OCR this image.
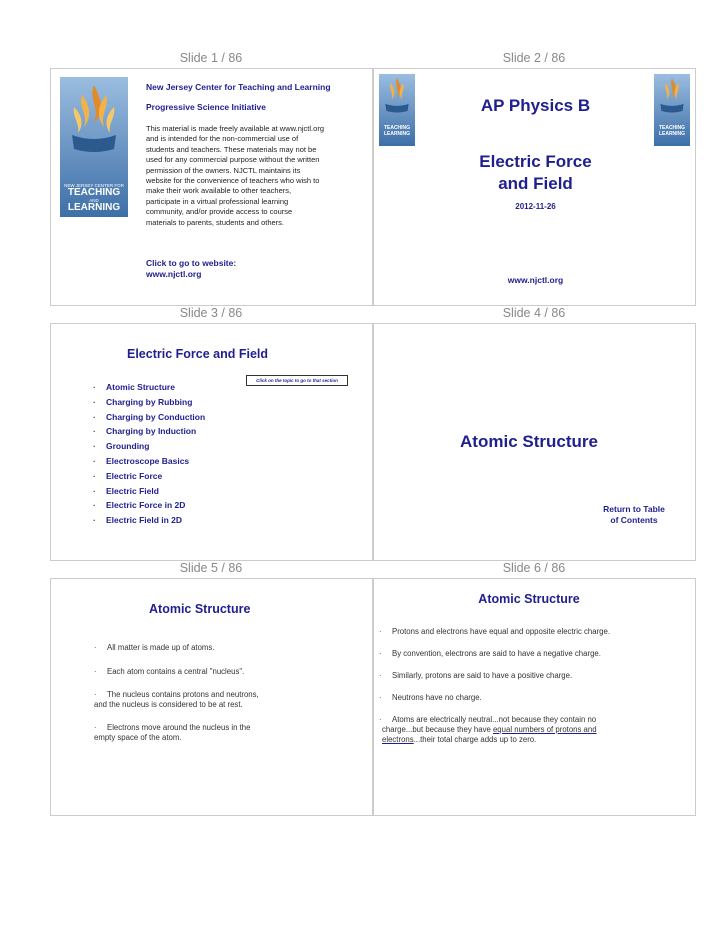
Slide 1 / 86	Slide 2 / 86
Slide 3 / 86	Slide 4 / 86
Slide 5 / 86	Slide 6 / 86
NEW JERSEY CENTER FOR
TEACHING
AND
LEARNING
New Jersey Center for Teaching and Learning
Progressive Science Initiative
This material is made freely available at www.njctl.org
and is intended for the non-commercial use of
students and teachers. These materials may not be
used for any commercial purpose without the written
permission of the owners. NJCTL maintains its
website for the convenience of teachers who wish to
make their work available to other teachers,
participate in a virtual professional learning
community, and/or provide access to course
materials to parents, students and others.
Click to go to website:
www.njctl.org
TEACHING
LEARNING
TEACHING
LEARNING
AP Physics B
Electric Force
and Field
2012-11-26
www.njctl.org
Electric Force and Field
Click on the topic to go to that section
· Atomic Structure
· Charging by Rubbing
· Charging by Conduction
· Charging by Induction
· Grounding
· Electroscope Basics
· Electric Force
· Electric Field
· Electric Force in 2D
· Electric Field in 2D
Atomic Structure
Return to Table
of Contents
Atomic Structure
· All matter is made up of atoms.
· Each atom contains a central "nucleus".
· The nucleus contains protons and neutrons,
and the nucleus is considered to be at rest.
· Electrons move around the nucleus in the
empty space of the atom.
Atomic Structure
· Protons and electrons have equal and opposite electric charge.
· By convention, electrons are said to have a negative charge.
· Similarly, protons are said to have a positive charge.
· Neutrons have no charge.
· Atoms are electrically neutral...not because they contain no
charge...but because they have equal numbers of protons and
electrons...their total charge adds up to zero.
